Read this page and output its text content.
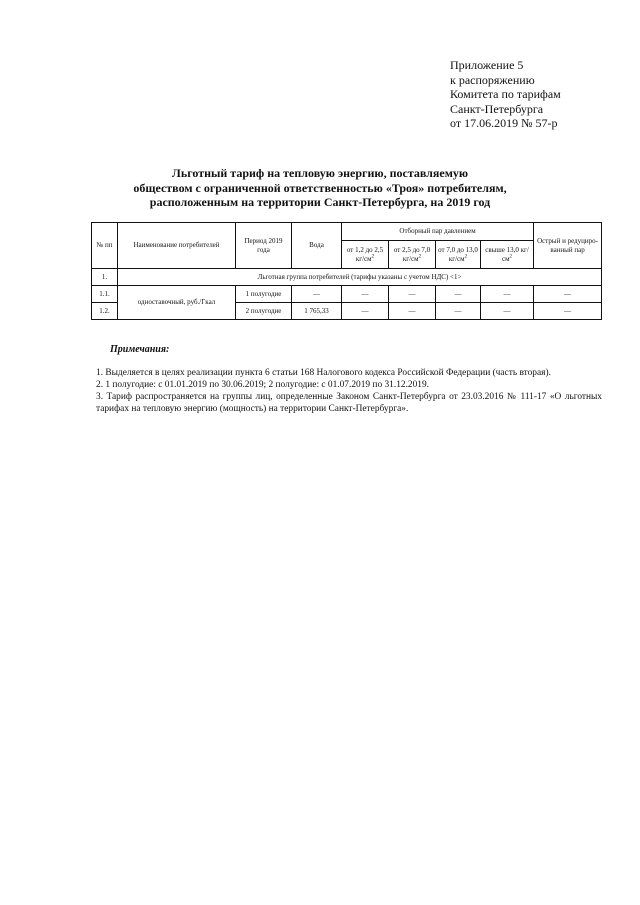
Приложение 5
к распоряжению
Комитета по тарифам
Санкт-Петербурга
от 17.06.2019 № 57-р
Льготный тариф на тепловую энергию, поставляемую
обществом с ограниченной ответственностью «Троя» потребителям,
расположенным на территории Санкт-Петербурга, на 2019 год
№ пп	Наименование потребителей	Период 2019 года	Вода	Отборный пар давлением				Острый и редуциро-ванный пар
				от 1,2 до 2,5 $кг/см^2$	от 2,5 до 7,0 $кг/см^2$	от 7,0 до 13,0 $кг/см^2$	свыше 13,0 $кг/см^2$
1.	Льготная группа потребителей (тарифы указаны с учетом НДС) <1>							
1.1.	одноставочный, руб./Гкал	1 полугодие	—	—	—	—	—	—
1.2.		2 полугодие	1 765,33	—	—	—	—	—
Примечания:

1. Выделяется в целях реализации пункта 6 статьи 168 Налогового кодекса Российской Федерации (часть вторая).

2. 1 полугодие: с 01.01.2019 по 30.06.2019; 2 полугодие: с 01.07.2019 по 31.12.2019.

3. Тариф распространяется на группы лиц, определенные Законом Санкт-Петербурга от 23.03.2016 № 111-17 «О льготных тарифах на тепловую энергию (мощность) на территории Санкт-Петербурга».
